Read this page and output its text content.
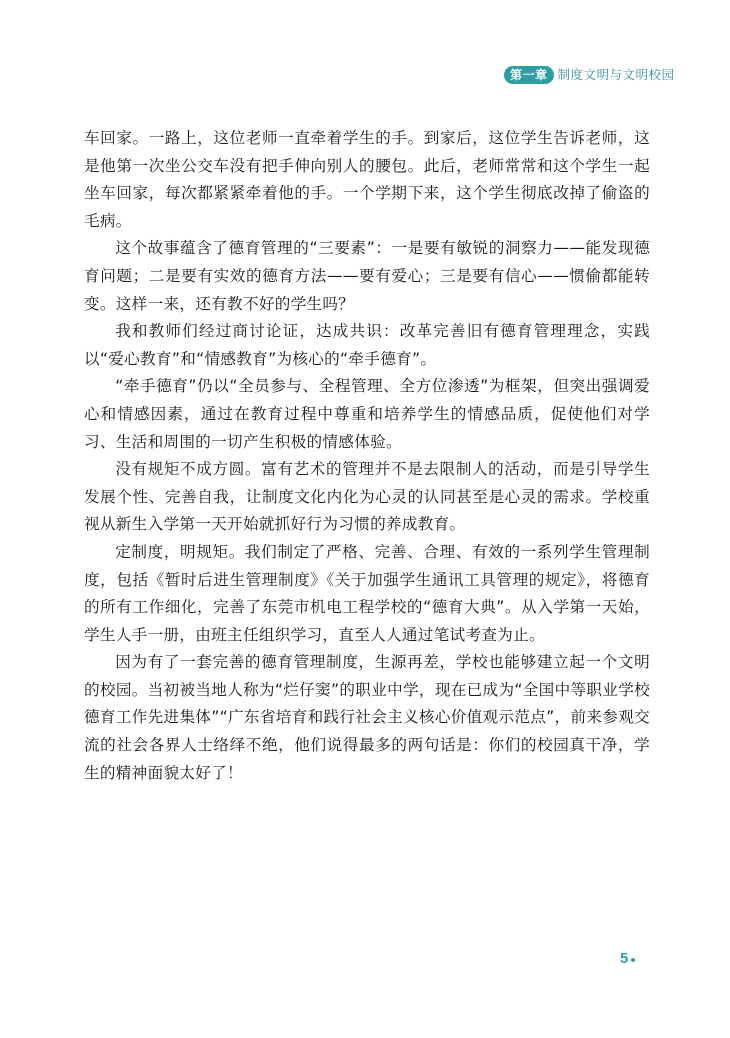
第一章 制度文明与文明校园

车回家。一路上，这位老师一直牵着学生的手。到家后，这位学生告诉老师，这是他第一次坐公交车没有把手伸向别人的腰包。此后，老师常常和这个学生一起坐车回家，每次都紧紧牵着他的手。一个学期下来，这个学生彻底改掉了偷盗的毛病。

这个故事蕴含了德育管理的“三要素”：一是要有敏锐的洞察力——能发现德育问题；二是要有实效的德育方法——要有爱心；三是要有信心——惯偷都能转变。这样一来，还有教不好的学生吗？

我和教师们经过商讨论证，达成共识：改革完善旧有德育管理理念，实践以“爱心教育”和“情感教育”为核心的“牵手德育”。

“牵手德育”仍以“全员参与、全程管理、全方位渗透”为框架，但突出强调爱心和情感因素，通过在教育过程中尊重和培养学生的情感品质，促使他们对学习、生活和周围的一切产生积极的情感体验。

没有规矩不成方圆。富有艺术的管理并不是去限制人的活动，而是引导学生发展个性、完善自我，让制度文化内化为心灵的认同甚至是心灵的需求。学校重视从新生入学第一天开始就抓好行为习惯的养成教育。

定制度，明规矩。我们制定了严格、完善、合理、有效的一系列学生管理制度，包括《暂时后进生管理制度》《关于加强学生通讯工具管理的规定》，将德育的所有工作细化，完善了东莞市机电工程学校的“德育大典”。从入学第一天始，学生人手一册，由班主任组织学习，直至人人通过笔试考查为止。

因为有了一套完善的德育管理制度，生源再差，学校也能够建立起一个文明的校园。当初被当地人称为“烂仔窦”的职业中学，现在已成为“全国中等职业学校德育工作先进集体”“广东省培育和践行社会主义核心价值观示范点”，前来参观交流的社会各界人士络绎不绝，他们说得最多的两句话是：你们的校园真干净，学生的精神面貌太好了！

5
